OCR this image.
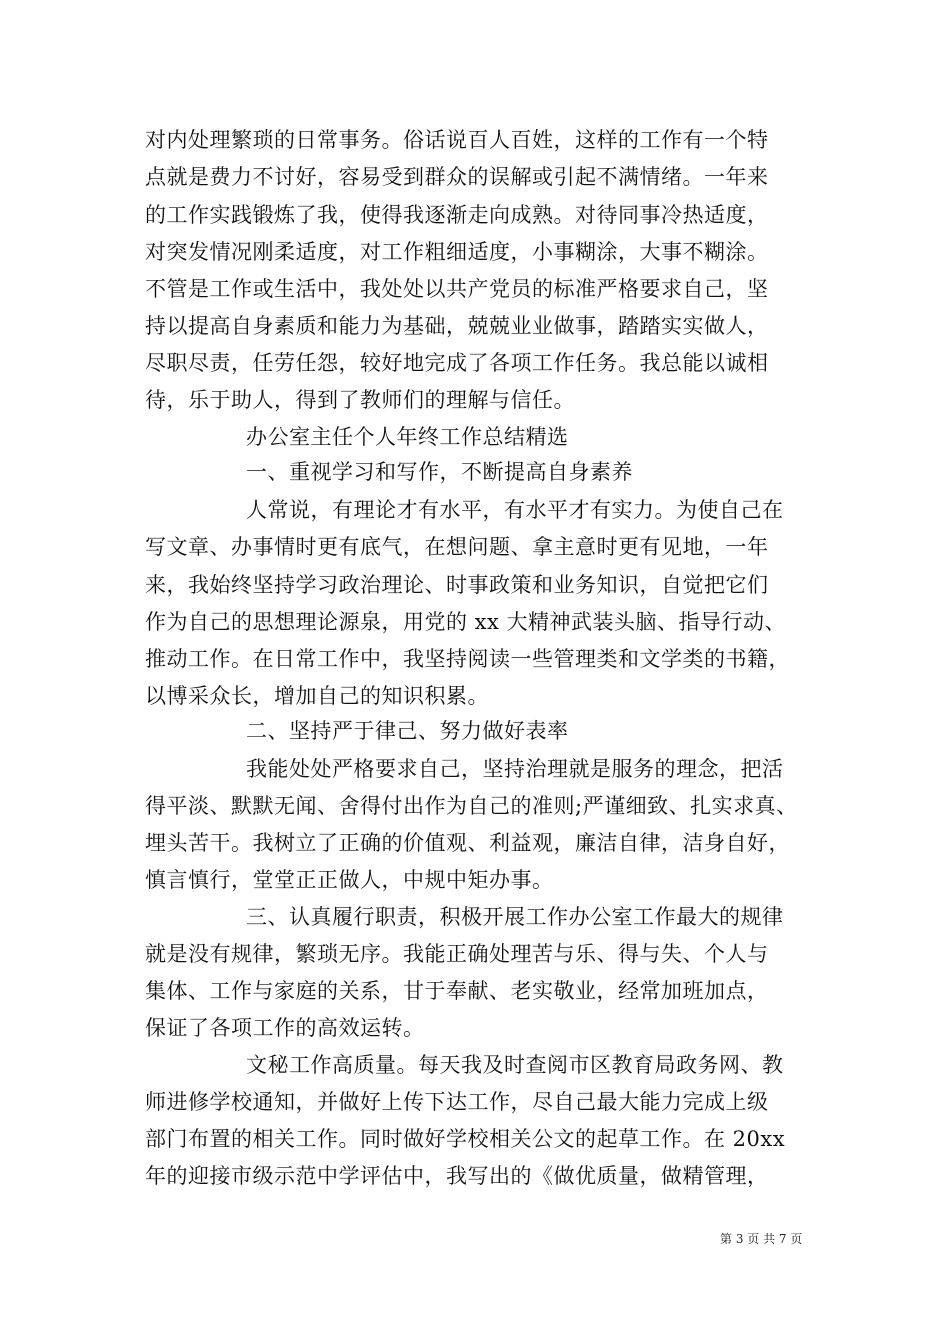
对内处理繁琐的日常事务。俗话说百人百姓，这样的工作有一个特
点就是费力不讨好，容易受到群众的误解或引起不满情绪。一年来
的工作实践锻炼了我，使得我逐渐走向成熟。对待同事冷热适度，
对突发情况刚柔适度，对工作粗细适度，小事糊涂，大事不糊涂。
不管是工作或生活中，我处处以共产党员的标准严格要求自己，坚
持以提高自身素质和能力为基础，兢兢业业做事，踏踏实实做人，
尽职尽责，任劳任怨，较好地完成了各项工作任务。我总能以诚相
待，乐于助人，得到了教师们的理解与信任。
办公室主任个人年终工作总结精选
一、重视学习和写作，不断提高自身素养
人常说，有理论才有水平，有水平才有实力。为使自己在
写文章、办事情时更有底气，在想问题、拿主意时更有见地，一年
来，我始终坚持学习政治理论、时事政策和业务知识，自觉把它们
作为自己的思想理论源泉，用党的 xx 大精神武装头脑、指导行动、
推动工作。在日常工作中，我坚持阅读一些管理类和文学类的书籍，
以博采众长，增加自己的知识积累。
二、坚持严于律己、努力做好表率
我能处处严格要求自己，坚持治理就是服务的理念，把活
得平淡、默默无闻、舍得付出作为自己的准则;严谨细致、扎实求真、
埋头苦干。我树立了正确的价值观、利益观，廉洁自律，洁身自好，
慎言慎行，堂堂正正做人，中规中矩办事。
三、认真履行职责，积极开展工作办公室工作最大的规律
就是没有规律，繁琐无序。我能正确处理苦与乐、得与失、个人与
集体、工作与家庭的关系，甘于奉献、老实敬业，经常加班加点，
保证了各项工作的高效运转。
文秘工作高质量。每天我及时查阅市区教育局政务网、教
师进修学校通知，并做好上传下达工作，尽自己最大能力完成上级
部门布置的相关工作。同时做好学校相关公文的起草工作。在 20xx
年的迎接市级示范中学评估中，我写出的《做优质量，做精管理，
第 3 页 共 7 页
